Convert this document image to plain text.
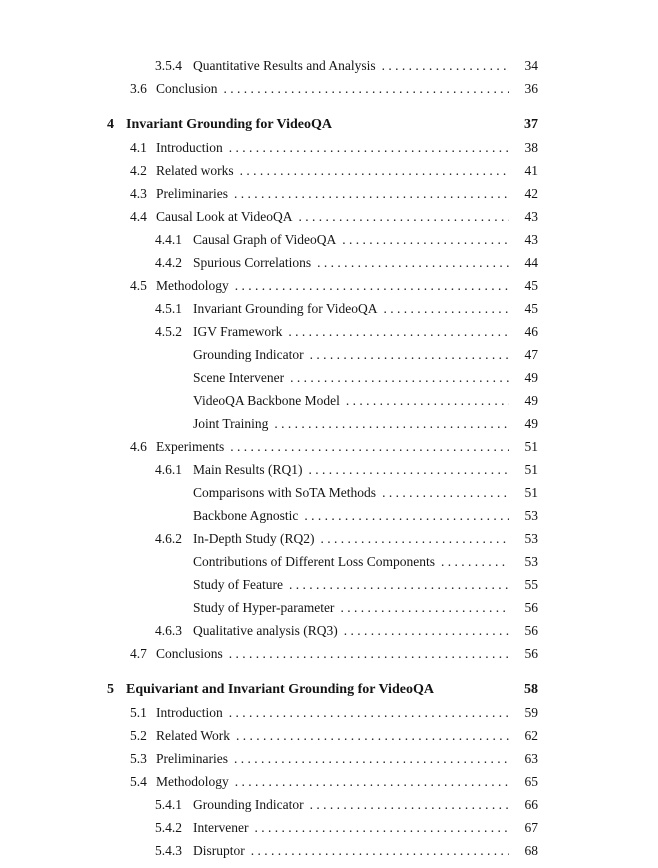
3.5.4 Quantitative Results and Analysis . . .	34
3.6 Conclusion . . .	36
4 Invariant Grounding for VideoQA	37
4.1 Introduction . . .	38
4.2 Related works . . .	41
4.3 Preliminaries . . .	42
4.4 Causal Look at VideoQA . . .	43
4.4.1 Causal Graph of VideoQA . . .	43
4.4.2 Spurious Correlations . . .	44
4.5 Methodology . . .	45
4.5.1 Invariant Grounding for VideoQA . . .	45
4.5.2 IGV Framework . . .	46
Grounding Indicator . . .	47
Scene Intervener . . .	49
VideoQA Backbone Model . . .	49
Joint Training . . .	49
4.6 Experiments . . .	51
4.6.1 Main Results (RQ1) . . .	51
Comparisons with SoTA Methods . . .	51
Backbone Agnostic . . .	53
4.6.2 In-Depth Study (RQ2) . . .	53
Contributions of Different Loss Components . . .	53
Study of Feature . . .	55
Study of Hyper-parameter . . .	56
4.6.3 Qualitative analysis (RQ3) . . .	56
4.7 Conclusions . . .	56
5 Equivariant and Invariant Grounding for VideoQA	58
5.1 Introduction . . .	59
5.2 Related Work . . .	62
5.3 Preliminaries . . .	63
5.4 Methodology . . .	65
5.4.1 Grounding Indicator . . .	66
5.4.2 Intervener . . .	67
5.4.3 Disruptor . . .	68
